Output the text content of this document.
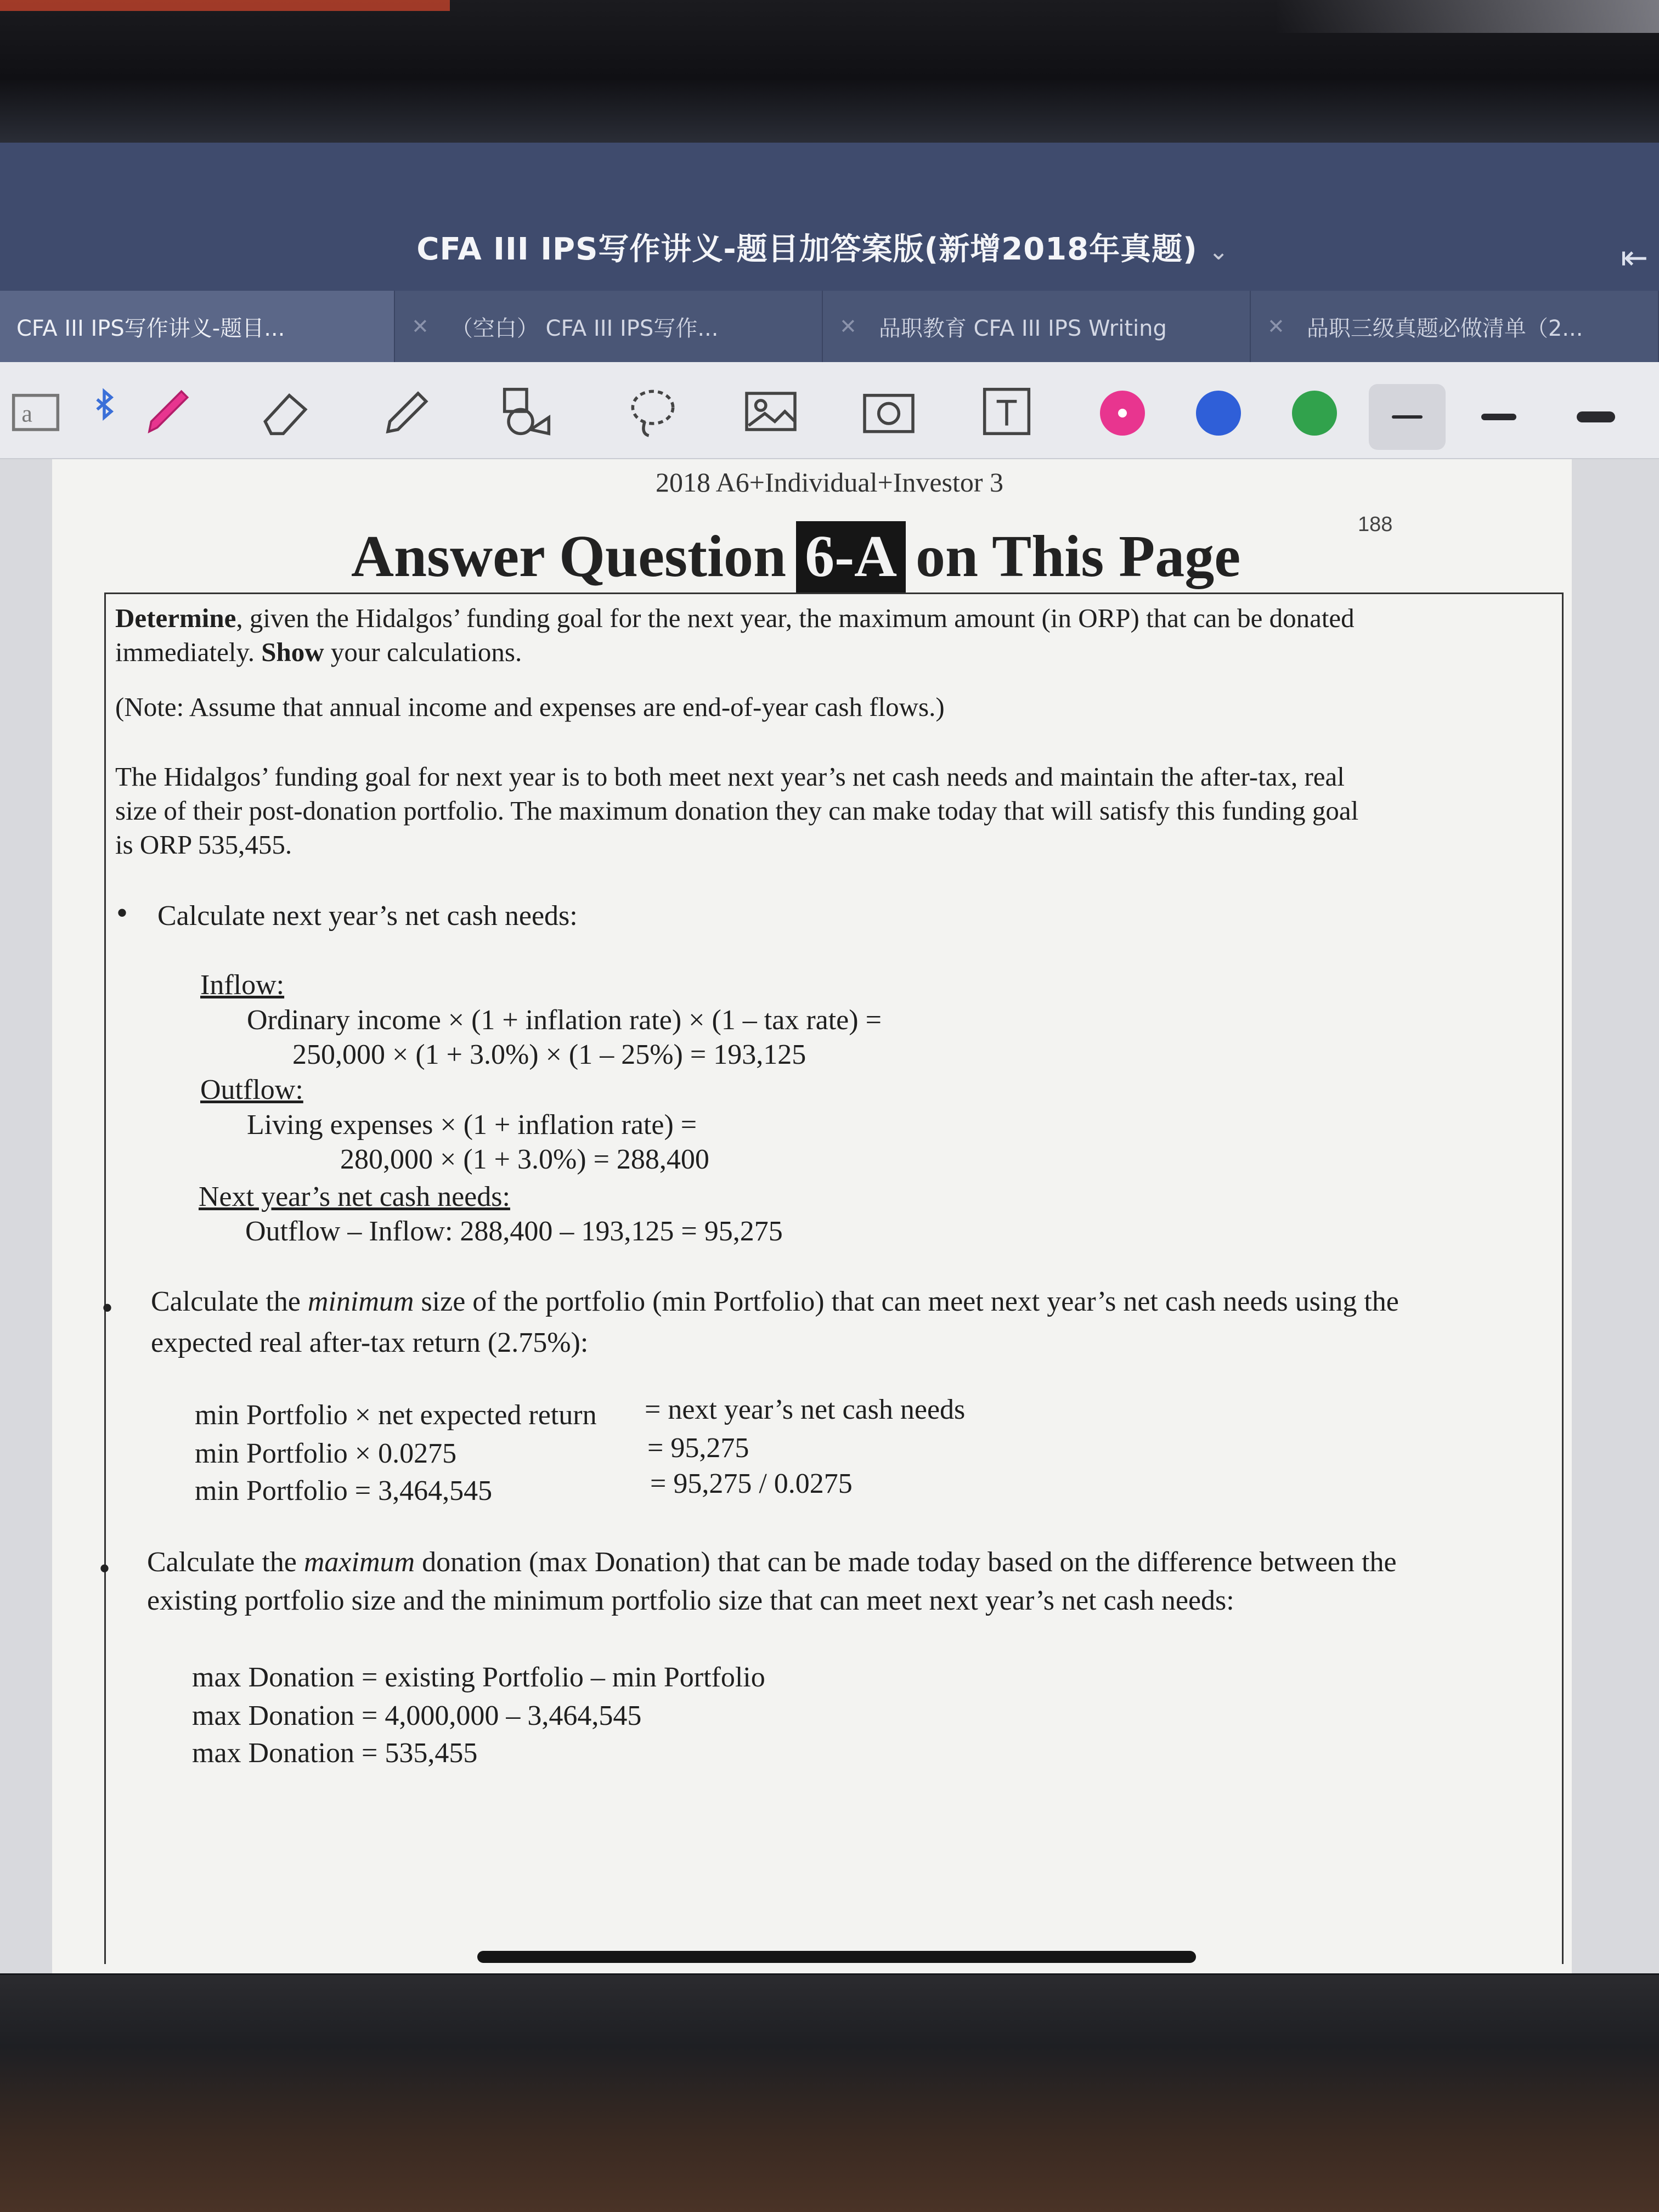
CFA III IPS写作讲义-题目加答案版(新增2018年真题) ⌄	⇤
CFA III IPS写作讲义-题目...	✕ （空白） CFA III IPS写作...	✕ 品职教育 CFA III IPS Writing	✕ 品职三级真题必做清单（2...
a
2018 A6+Individual+Investor 3
188
Answer Question 6-A on This Page
Determine, given the Hidalgos’ funding goal for the next year, the maximum amount (in ORP) that can be donated
immediately. Show your calculations.
(Note: Assume that annual income and expenses are end-of-year cash flows.)
The Hidalgos’ funding goal for next year is to both meet next year’s net cash needs and maintain the after-tax, real
size of their post-donation portfolio. The maximum donation they can make today that will satisfy this funding goal
is ORP 535,455.
• Calculate next year’s net cash needs:
Inflow:
Ordinary income × (1 + inflation rate) × (1 – tax rate) =
250,000 × (1 + 3.0%) × (1 – 25%) = 193,125
Outflow:
Living expenses × (1 + inflation rate) =
280,000 × (1 + 3.0%) = 288,400
Next year’s net cash needs:
Outflow – Inflow: 288,400 – 193,125 = 95,275
• Calculate the minimum size of the portfolio (min Portfolio) that can meet next year’s net cash needs using the
expected real after-tax return (2.75%):
min Portfolio × net expected return = next year’s net cash needs
min Portfolio × 0.0275	= 95,275
min Portfolio = 3,464,545	= 95,275 / 0.0275
• Calculate the maximum donation (max Donation) that can be made today based on the difference between the
existing portfolio size and the minimum portfolio size that can meet next year’s net cash needs:
max Donation = existing Portfolio – min Portfolio
max Donation = 4,000,000 – 3,464,545
max Donation = 535,455
